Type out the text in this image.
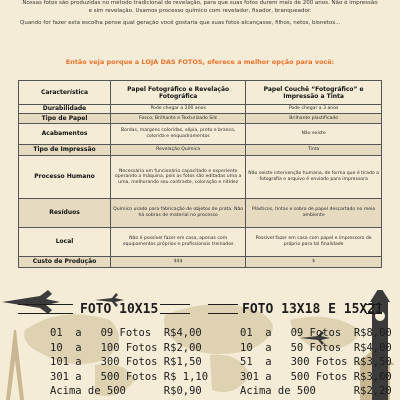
Nossas fotos são produzidas no método tradicional de revelação, para que suas fotos durem mais de 200 anos. Não é impressão e sim revelação. Usamos processo químico com revelador, fixador, branqueador.

Quando for fazer esta escolha pense qual geração você gostaria que suas fotos alcançasse, filhos, netos, bisnetos...

Então veja porque a LOJA DAS FOTOS, oferece a melhor opção para você:
Característica	Papel Fotográfico e Revelação Fotográfica	Papel Couchê “Fotográfico” e Impressão a Tinta
Durabilidade	Pode chegar a 200 anos	Pode chegar a 3 anos
Tipo de Papel	Fosco, Brilhante e Texturizado Silc	Brilhante plastificado
Acabamentos	Bordas, margens coloridas, sépia, preto e branco, colorida e enquadramentos	Não existe
Tipo de Impressão	Revelação Química	Tinta
Processo Humano	Necessário um funcionário capacitado e experiente operando a máquina, pois as fotos são editadas uma a uma, melhorando seu contraste, coloração e nitidez	Não existe intervenção humana, de forma que é tirado a fotografia e arquivo é enviado para impressora
Resíduos	Químico usado para fabricação de objetos de prata. Não há sobras de material no processo	Plásticos, tintas e sobra de papel descartado no meio ambiente
Local	Não é possível fazer em casa, apenas com equipamentos próprios e profissionais treinados	Possível fazer em casa com papel e impressoro de próprio para tal finalidade
Custo de Produção	$$$	$
FOTO 10X15	FOTO 13X18 E 15X21
01  a   09 Fotos R$4,00
10  a   100 Fotos R$2,00
101 a   300 Fotos R$1,50
301 a   500 Fotos R$ 1,10
Acima de 500	R$0,90
01  a   09 Fotos R$8,00
10  a   50 Fotos R$4,00
51  a   300 Fotos R$3,50
301 a   500 Fotos R$3,00
Acima de 500	R$2,20
